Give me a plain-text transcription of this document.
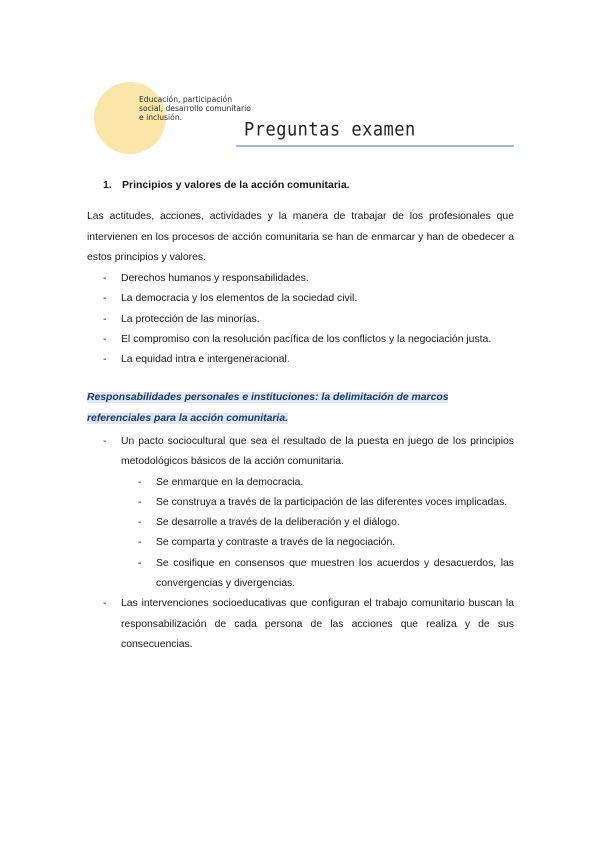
Educación, participación
social, desarrollo comunitario
e inclusión.
Preguntas examen
1. Principios y valores de la acción comunitaria.
Las actitudes, acciones, actividades y la manera de trabajar de los profesionales que intervienen en los procesos de acción comunitaria se han de enmarcar y han de obedecer a estos principios y valores.
- Derechos humanos y responsabilidades.
- La democracia y los elementos de la sociedad civil.
- La protección de las minorías.
- El compromiso con la resolución pacífica de los conflictos y la negociación justa.
- La equidad intra e intergeneracional.
Responsabilidades personales e instituciones: la delimitación de marcos referenciales para la acción comunitaria.
- Un pacto sociocultural que sea el resultado de la puesta en juego de los principios metodológicos básicos de la acción comunitaria.
- Se enmarque en la democracia.
- Se construya a través de la participación de las diferentes voces implicadas.
- Se desarrolle a través de la deliberación y el diálogo.
- Se comparta y contraste a través de la negociación.
- Se cosifique en consensos que muestren los acuerdos y desacuerdos, las convergencias y divergencias.
- Las intervenciones socioeducativas que configuran el trabajo comunitario buscan la responsabilización de cada persona de las acciones que realiza y de sus consecuencias.
